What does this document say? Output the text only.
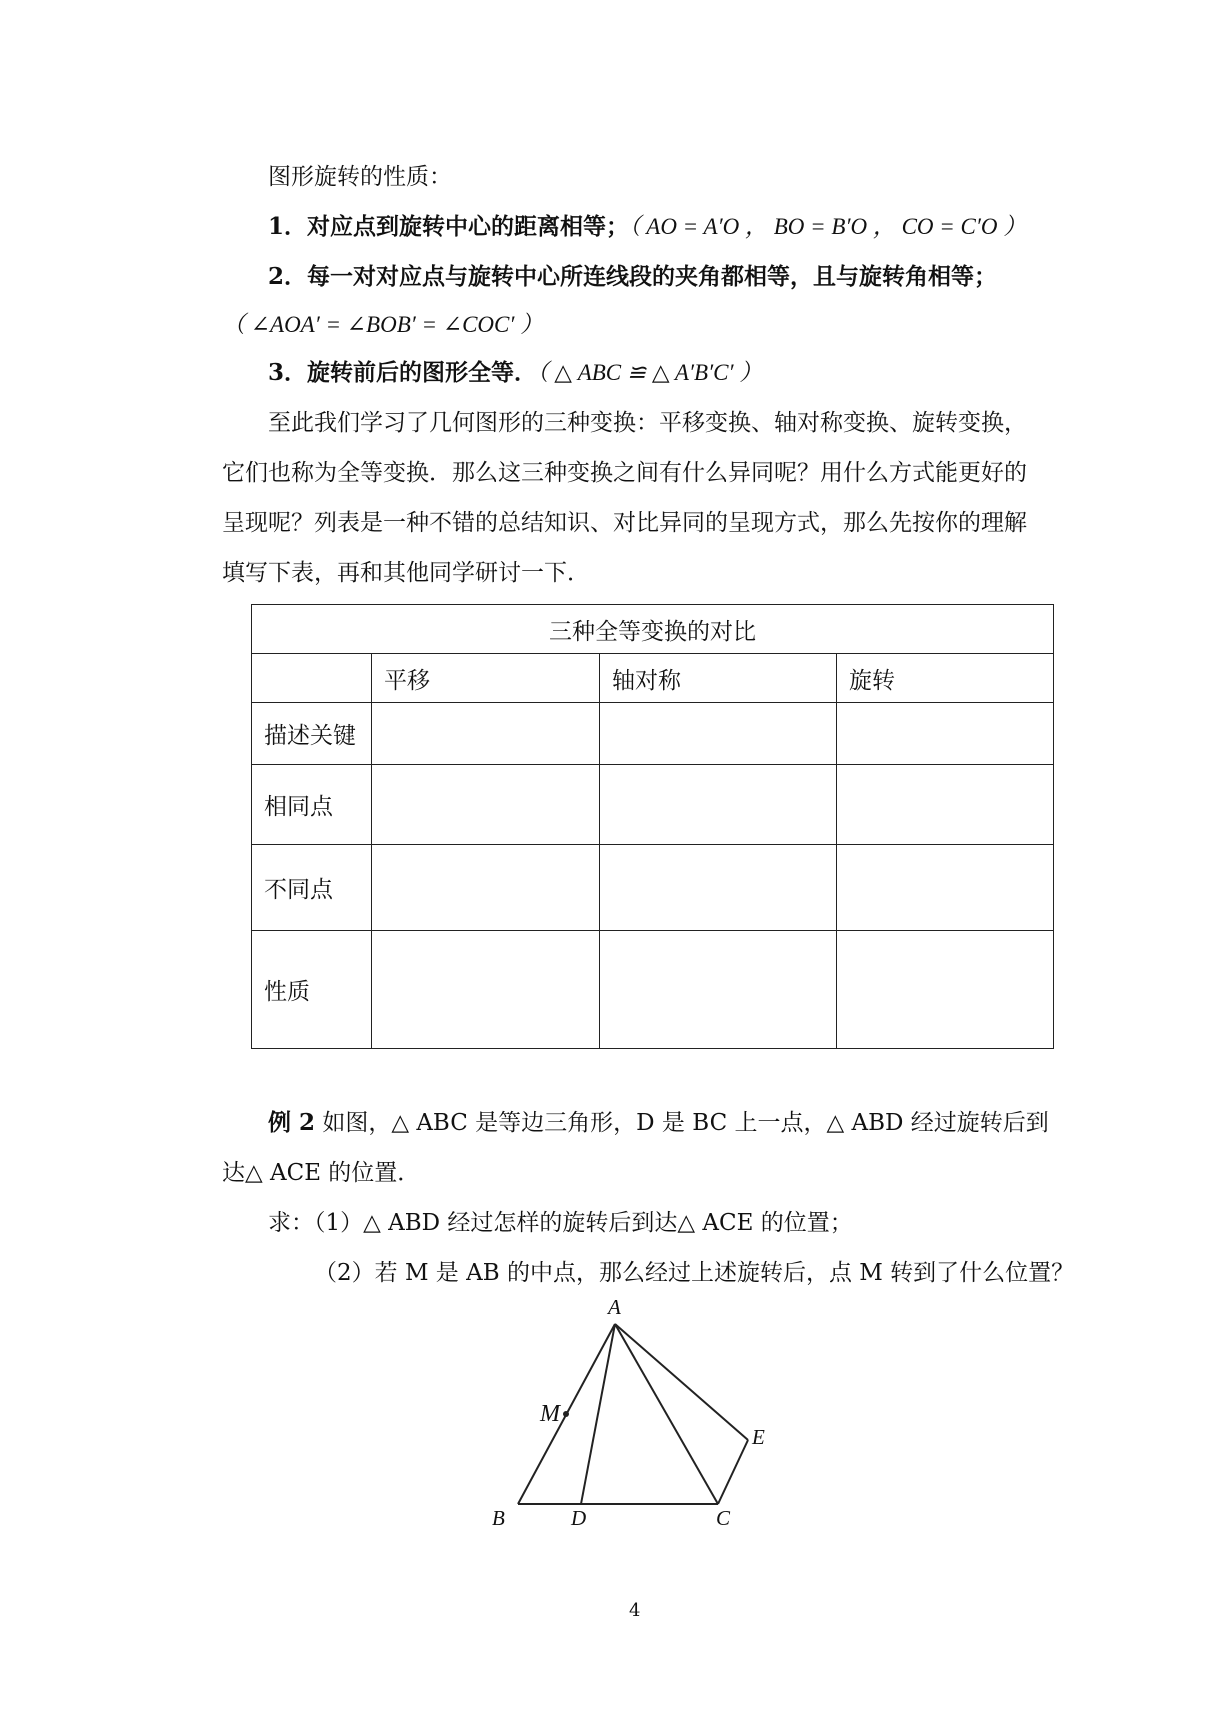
图形旋转的性质：
1．对应点到旋转中心的距离相等；（ AO = A′O ， BO = B′O ， CO = C′O ）
2．每一对对应点与旋转中心所连线段的夹角都相等，且与旋转角相等；
（ ∠AOA′ = ∠BOB′ = ∠COC′ ）
3．旋转前后的图形全等．（ △ ABC ≌ △ A′B′C′ ）
至此我们学习了几何图形的三种变换：平移变换、轴对称变换、旋转变换，
它们也称为全等变换．那么这三种变换之间有什么异同呢？用什么方式能更好的
呈现呢？列表是一种不错的总结知识、对比异同的呈现方式，那么先按你的理解
填写下表，再和其他同学研讨一下．
三种全等变换的对比			
	平移	轴对称	旋转
描述关键			
相同点			
不同点			
性质			
例 2 如图，△ ABC 是等边三角形，D 是 BC 上一点，△ ABD 经过旋转后到
达△ ACE 的位置．
求：（1）△ ABD 经过怎样的旋转后到达△ ACE 的位置；
（2）若 M 是 AB 的中点，那么经过上述旋转后，点 M 转到了什么位置？
A
B	D	C
E
M
4
